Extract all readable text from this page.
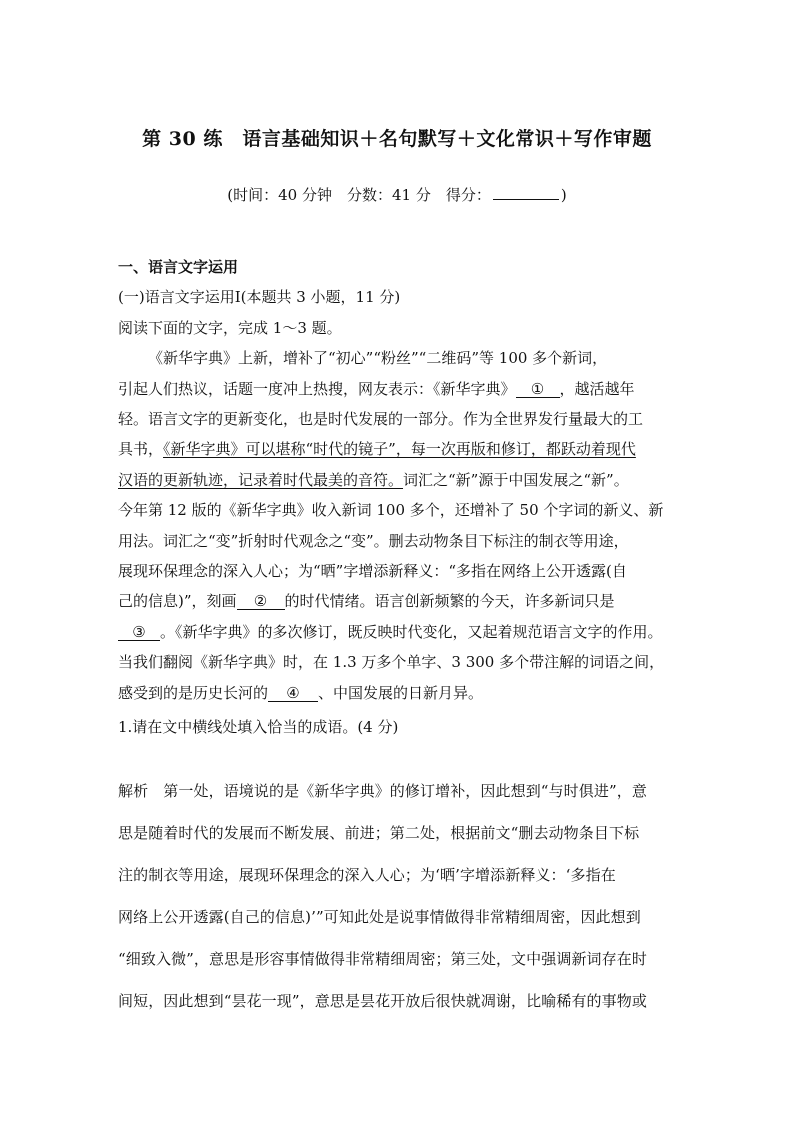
第 30 练　语言基础知识＋名句默写＋文化常识＋写作审题
(时间：40 分钟　分数：41 分　得分：	)

一、语言文字运用

(一)语言文字运用Ⅰ(本题共 3 小题，11 分)

阅读下面的文字，完成 1～3 题。

《新华字典》上新，增补了“初心”“粉丝”“二维码”等 100 多个新词，

引起人们热议，话题一度冲上热搜，网友表示：《新华字典》 ① ，越活越年

轻。语言文字的更新变化，也是时代发展的一部分。作为全世界发行量最大的工

具书，《新华字典》可以堪称“时代的镜子”，每一次再版和修订，都跃动着现代

汉语的更新轨迹，记录着时代最美的音符。词汇之“新”源于中国发展之“新”。

今年第 12 版的《新华字典》收入新词 100 多个，还增补了 50 个字词的新义、新

用法。词汇之“变”折射时代观念之“变”。删去动物条目下标注的制衣等用途，

展现环保理念的深入人心；为“晒”字增添新释义：“多指在网络上公开透露(自

己的信息)”，刻画 ② 的时代情绪。语言创新频繁的今天，许多新词只是

③ 。《新华字典》的多次修订，既反映时代变化，又起着规范语言文字的作用。

当我们翻阅《新华字典》时，在 1.3 万多个单字、3 300 多个带注解的词语之间，

感受到的是历史长河的 ④ 、中国发展的日新月异。

1.请在文中横线处填入恰当的成语。(4 分)

解析　第一处，语境说的是《新华字典》的修订增补，因此想到“与时俱进”，意

思是随着时代的发展而不断发展、前进；第二处，根据前文“删去动物条目下标

注的制衣等用途，展现环保理念的深入人心；为‘晒’字增添新释义：‘多指在

网络上公开透露(自己的信息)’”可知此处是说事情做得非常精细周密，因此想到

“细致入微”，意思是形容事情做得非常精细周密；第三处，文中强调新词存在时

间短，因此想到“昙花一现”，意思是昙花开放后很快就凋谢，比喻稀有的事物或
